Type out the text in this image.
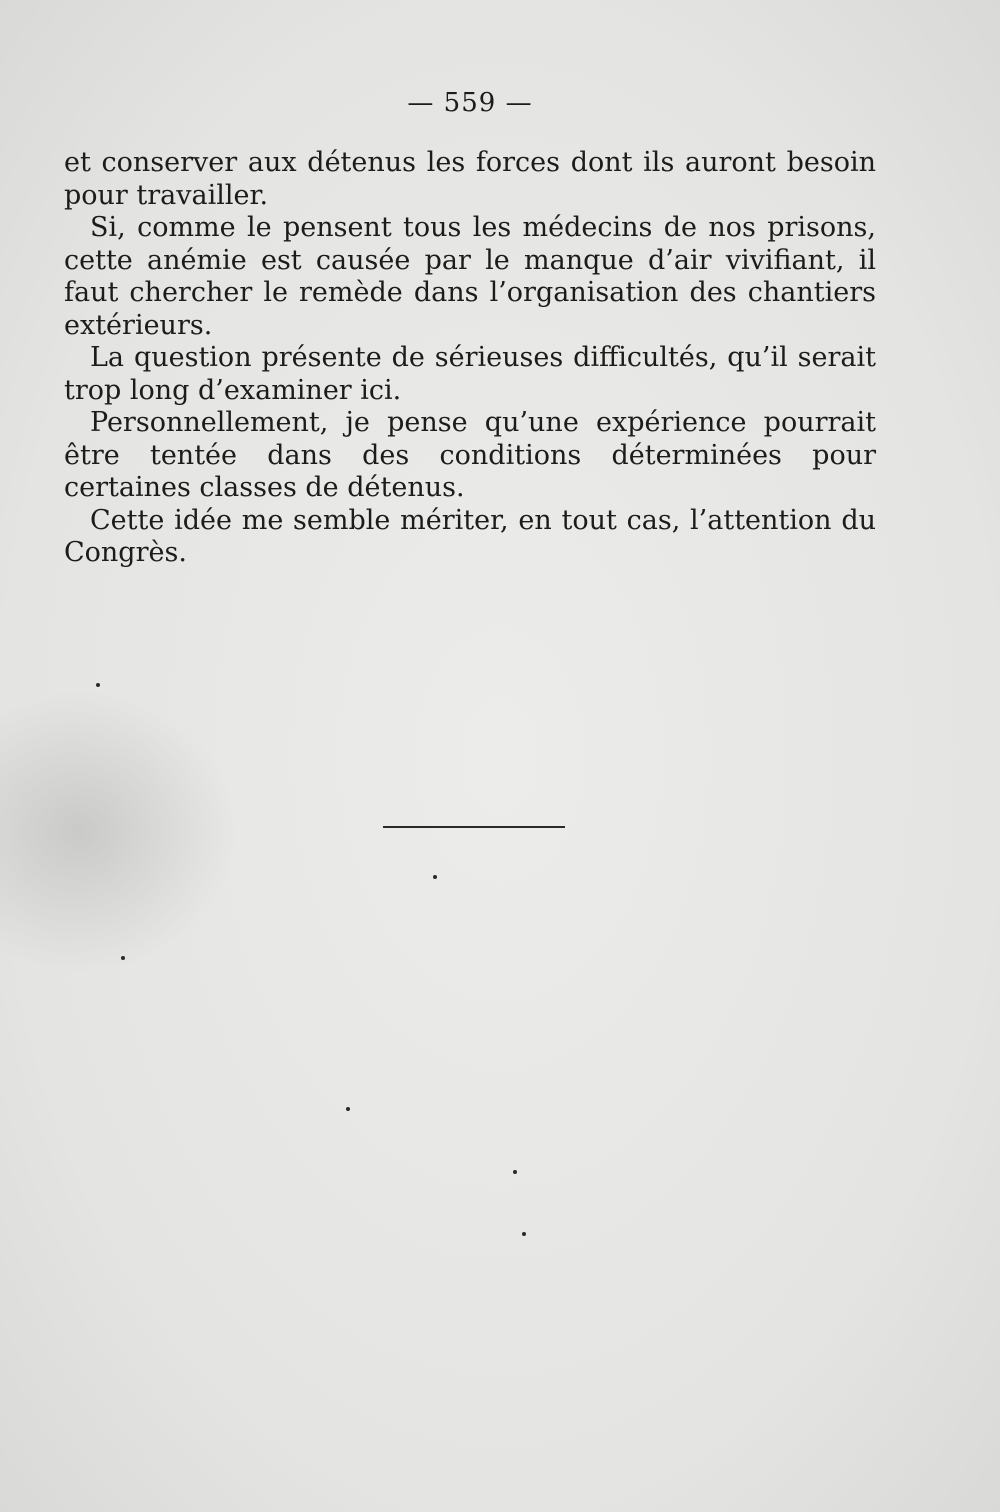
— 559 —

et conserver aux détenus les forces dont ils auront besoin pour travailler.

Si, comme le pensent tous les médecins de nos prisons, cette anémie est causée par le manque d’air vivifiant, il faut chercher le remède dans l’organisation des chantiers extérieurs.

La question présente de sérieuses difficultés, qu’il serait trop long d’examiner ici.

Personnellement, je pense qu’une expérience pourrait être tentée dans des conditions déterminées pour certaines classes de détenus.

Cette idée me semble mériter, en tout cas, l’attention du Congrès.
